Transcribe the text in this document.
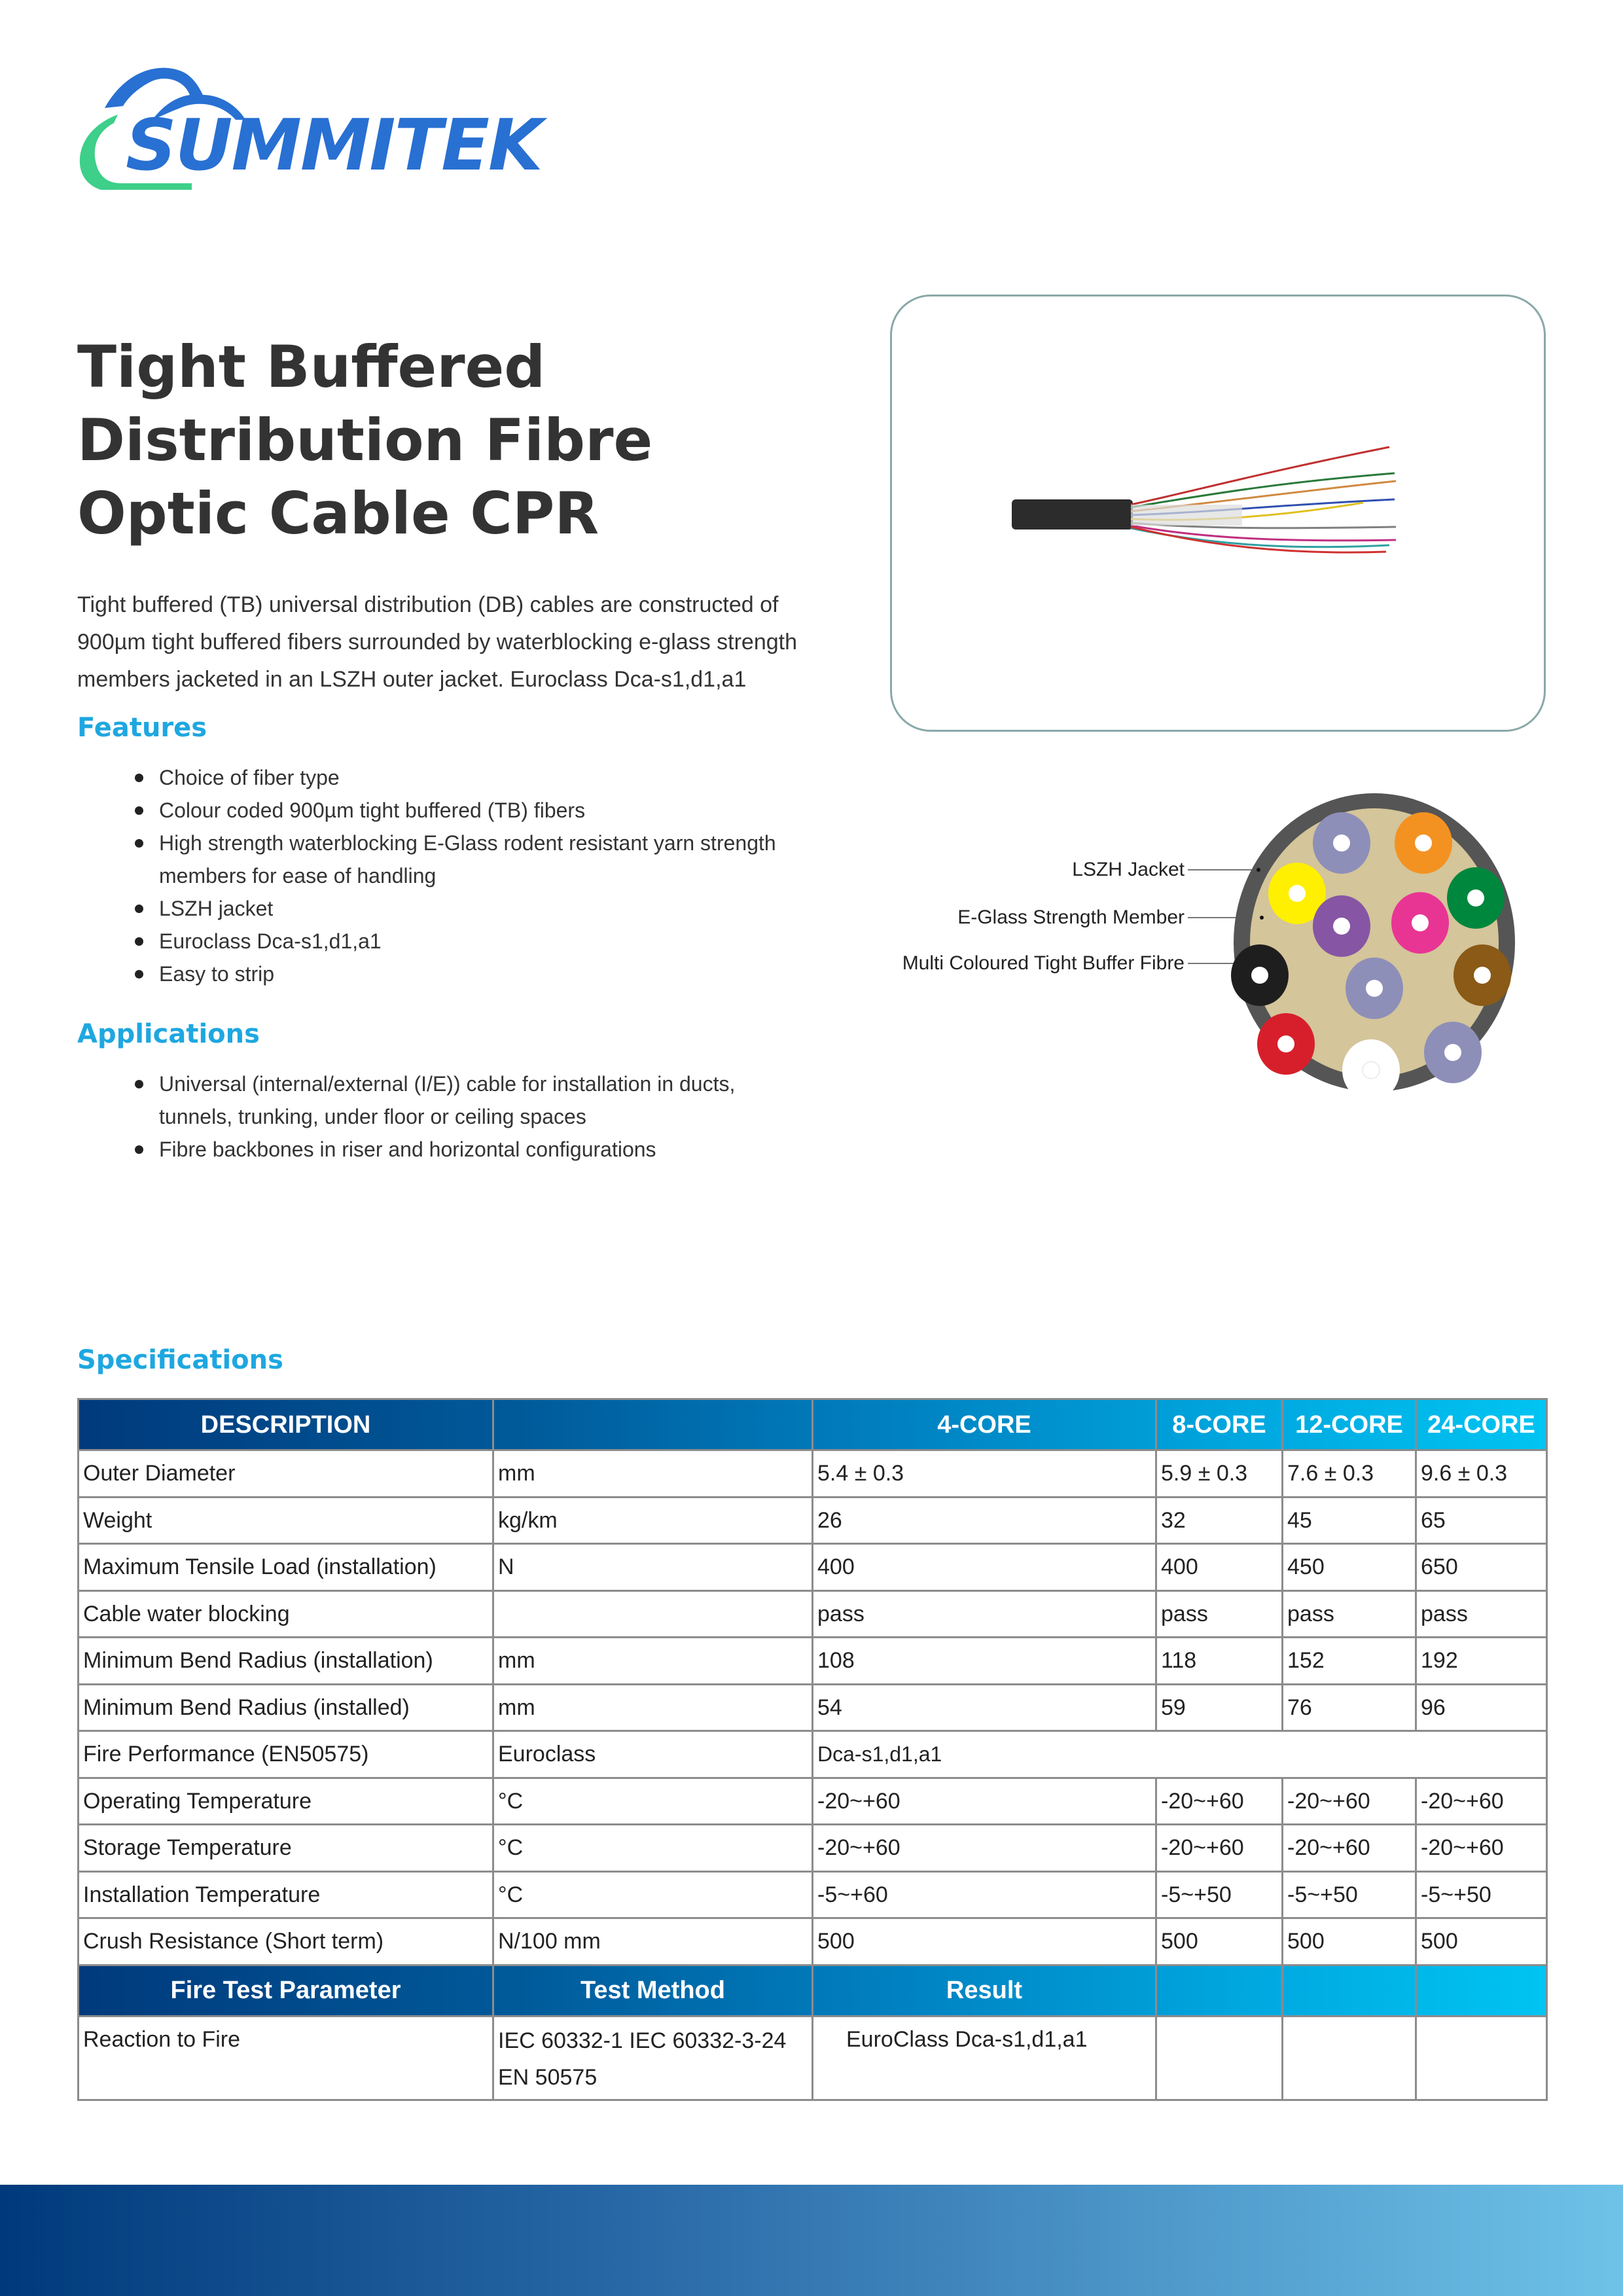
SUMMITEK
Tight Buffered
Distribution Fibre
Optic Cable CPR
Tight buffered (TB) universal distribution (DB) cables are constructed of 900µm tight buffered fibers surrounded by waterblocking e-glass strength members jacketed in an LSZH outer jacket. Euroclass Dca-s1,d1,a1
Features
Choice of fiber type
Colour coded 900µm tight buffered (TB) fibers
High strength waterblocking E-Glass rodent resistant yarn strength members for ease of handling
LSZH jacket
Euroclass Dca-s1,d1,a1
Easy to strip
Applications
Universal (internal/external (I/E)) cable for installation in ducts, tunnels, trunking, under floor or ceiling spaces
Fibre backbones in riser and horizontal configurations
LSZH Jacket
E-Glass Strength Member
Multi Coloured Tight Buffer Fibre
Specifications
DESCRIPTION		4-CORE	8-CORE	12-CORE	24-CORE
Outer Diameter	mm	5.4 ± 0.3	5.9 ± 0.3	7.6 ± 0.3	9.6 ± 0.3
Weight	kg/km	26	32	45	65
Maximum Tensile Load (installation)	N	400	400	450	650
Cable water blocking		pass	pass	pass	pass
Minimum Bend Radius (installation)	mm	108	118	152	192
Minimum Bend Radius (installed)	mm	54	59	76	96
Fire Performance (EN50575)	Euroclass	Dca-s1,d1,a1			
Operating Temperature	°C	-20~+60	-20~+60	-20~+60	-20~+60
Storage Temperature	°C	-20~+60	-20~+60	-20~+60	-20~+60
Installation Temperature	°C	-5~+60	-5~+50	-5~+50	-5~+50
Crush Resistance (Short term)	N/100 mm	500	500	500	500
Fire Test Parameter	Test Method	Result			
Reaction to Fire	IEC 60332-1 IEC 60332-3-24 EN 50575	EuroClass Dca-s1,d1,a1			
